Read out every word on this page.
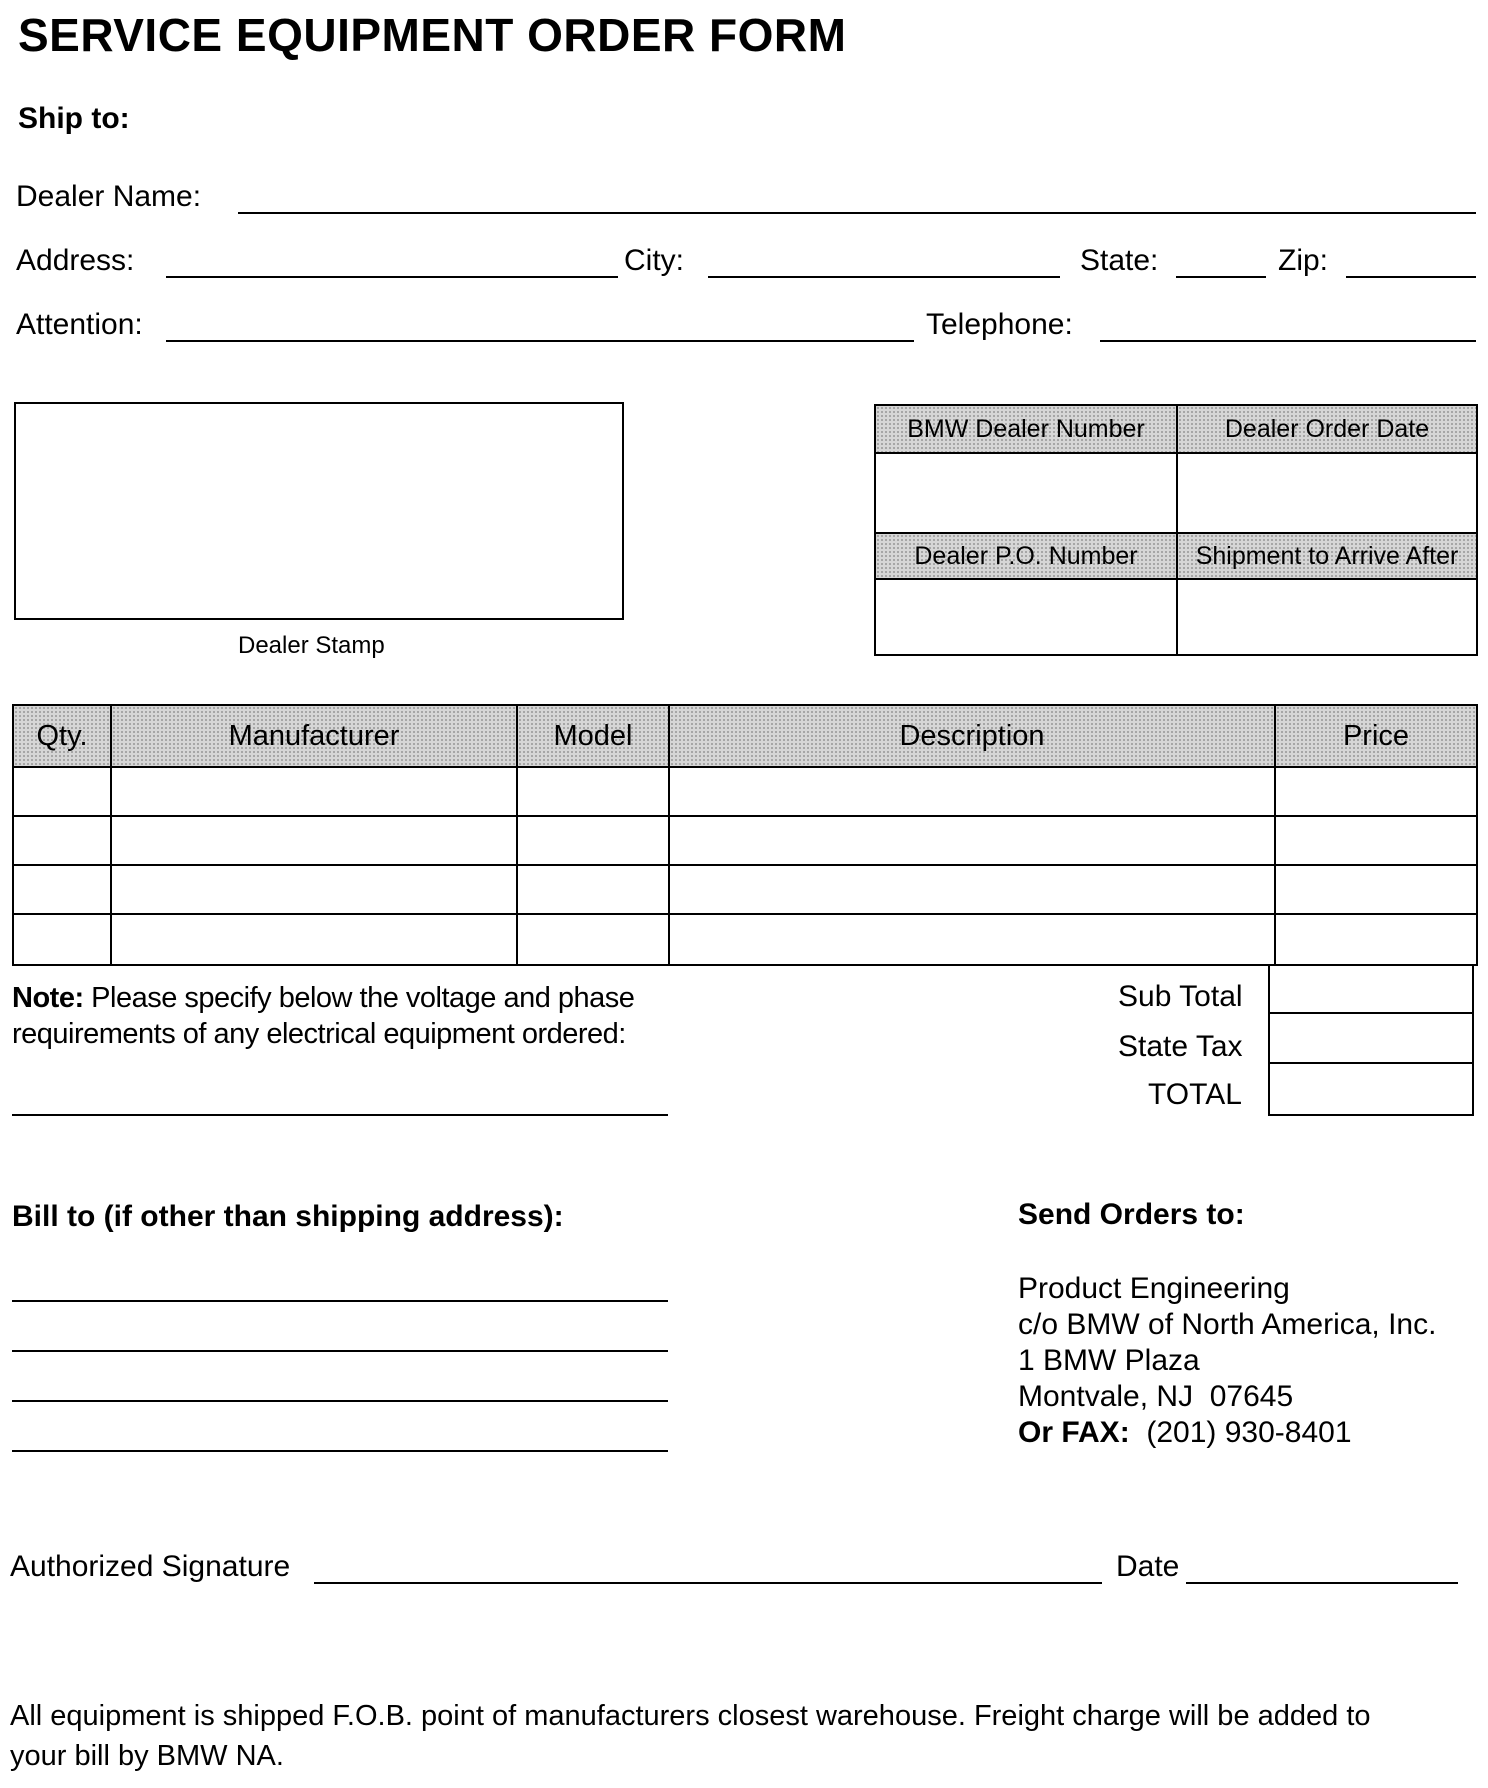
SERVICE EQUIPMENT ORDER FORM
Ship to:
Dealer Name:
Address:	City:	State:	Zip:
Attention:	Telephone:
Dealer Stamp
BMW Dealer Number	Dealer Order Date
Dealer P.O. Number	Shipment to Arrive After
Qty.	Manufacturer	Model	Description	Price
Note: Please specify below the voltage and phase
requirements of any electrical equipment ordered:
Sub Total
State Tax
TOTAL
Bill to (if other than shipping address):	Send Orders to:
Product Engineering
c/o BMW of North America, Inc.
1 BMW Plaza
Montvale, NJ  07645
Or FAX: (201) 930-8401
Authorized Signature	Date
All equipment is shipped F.O.B. point of manufacturers closest warehouse. Freight charge will be added to
your bill by BMW NA.
